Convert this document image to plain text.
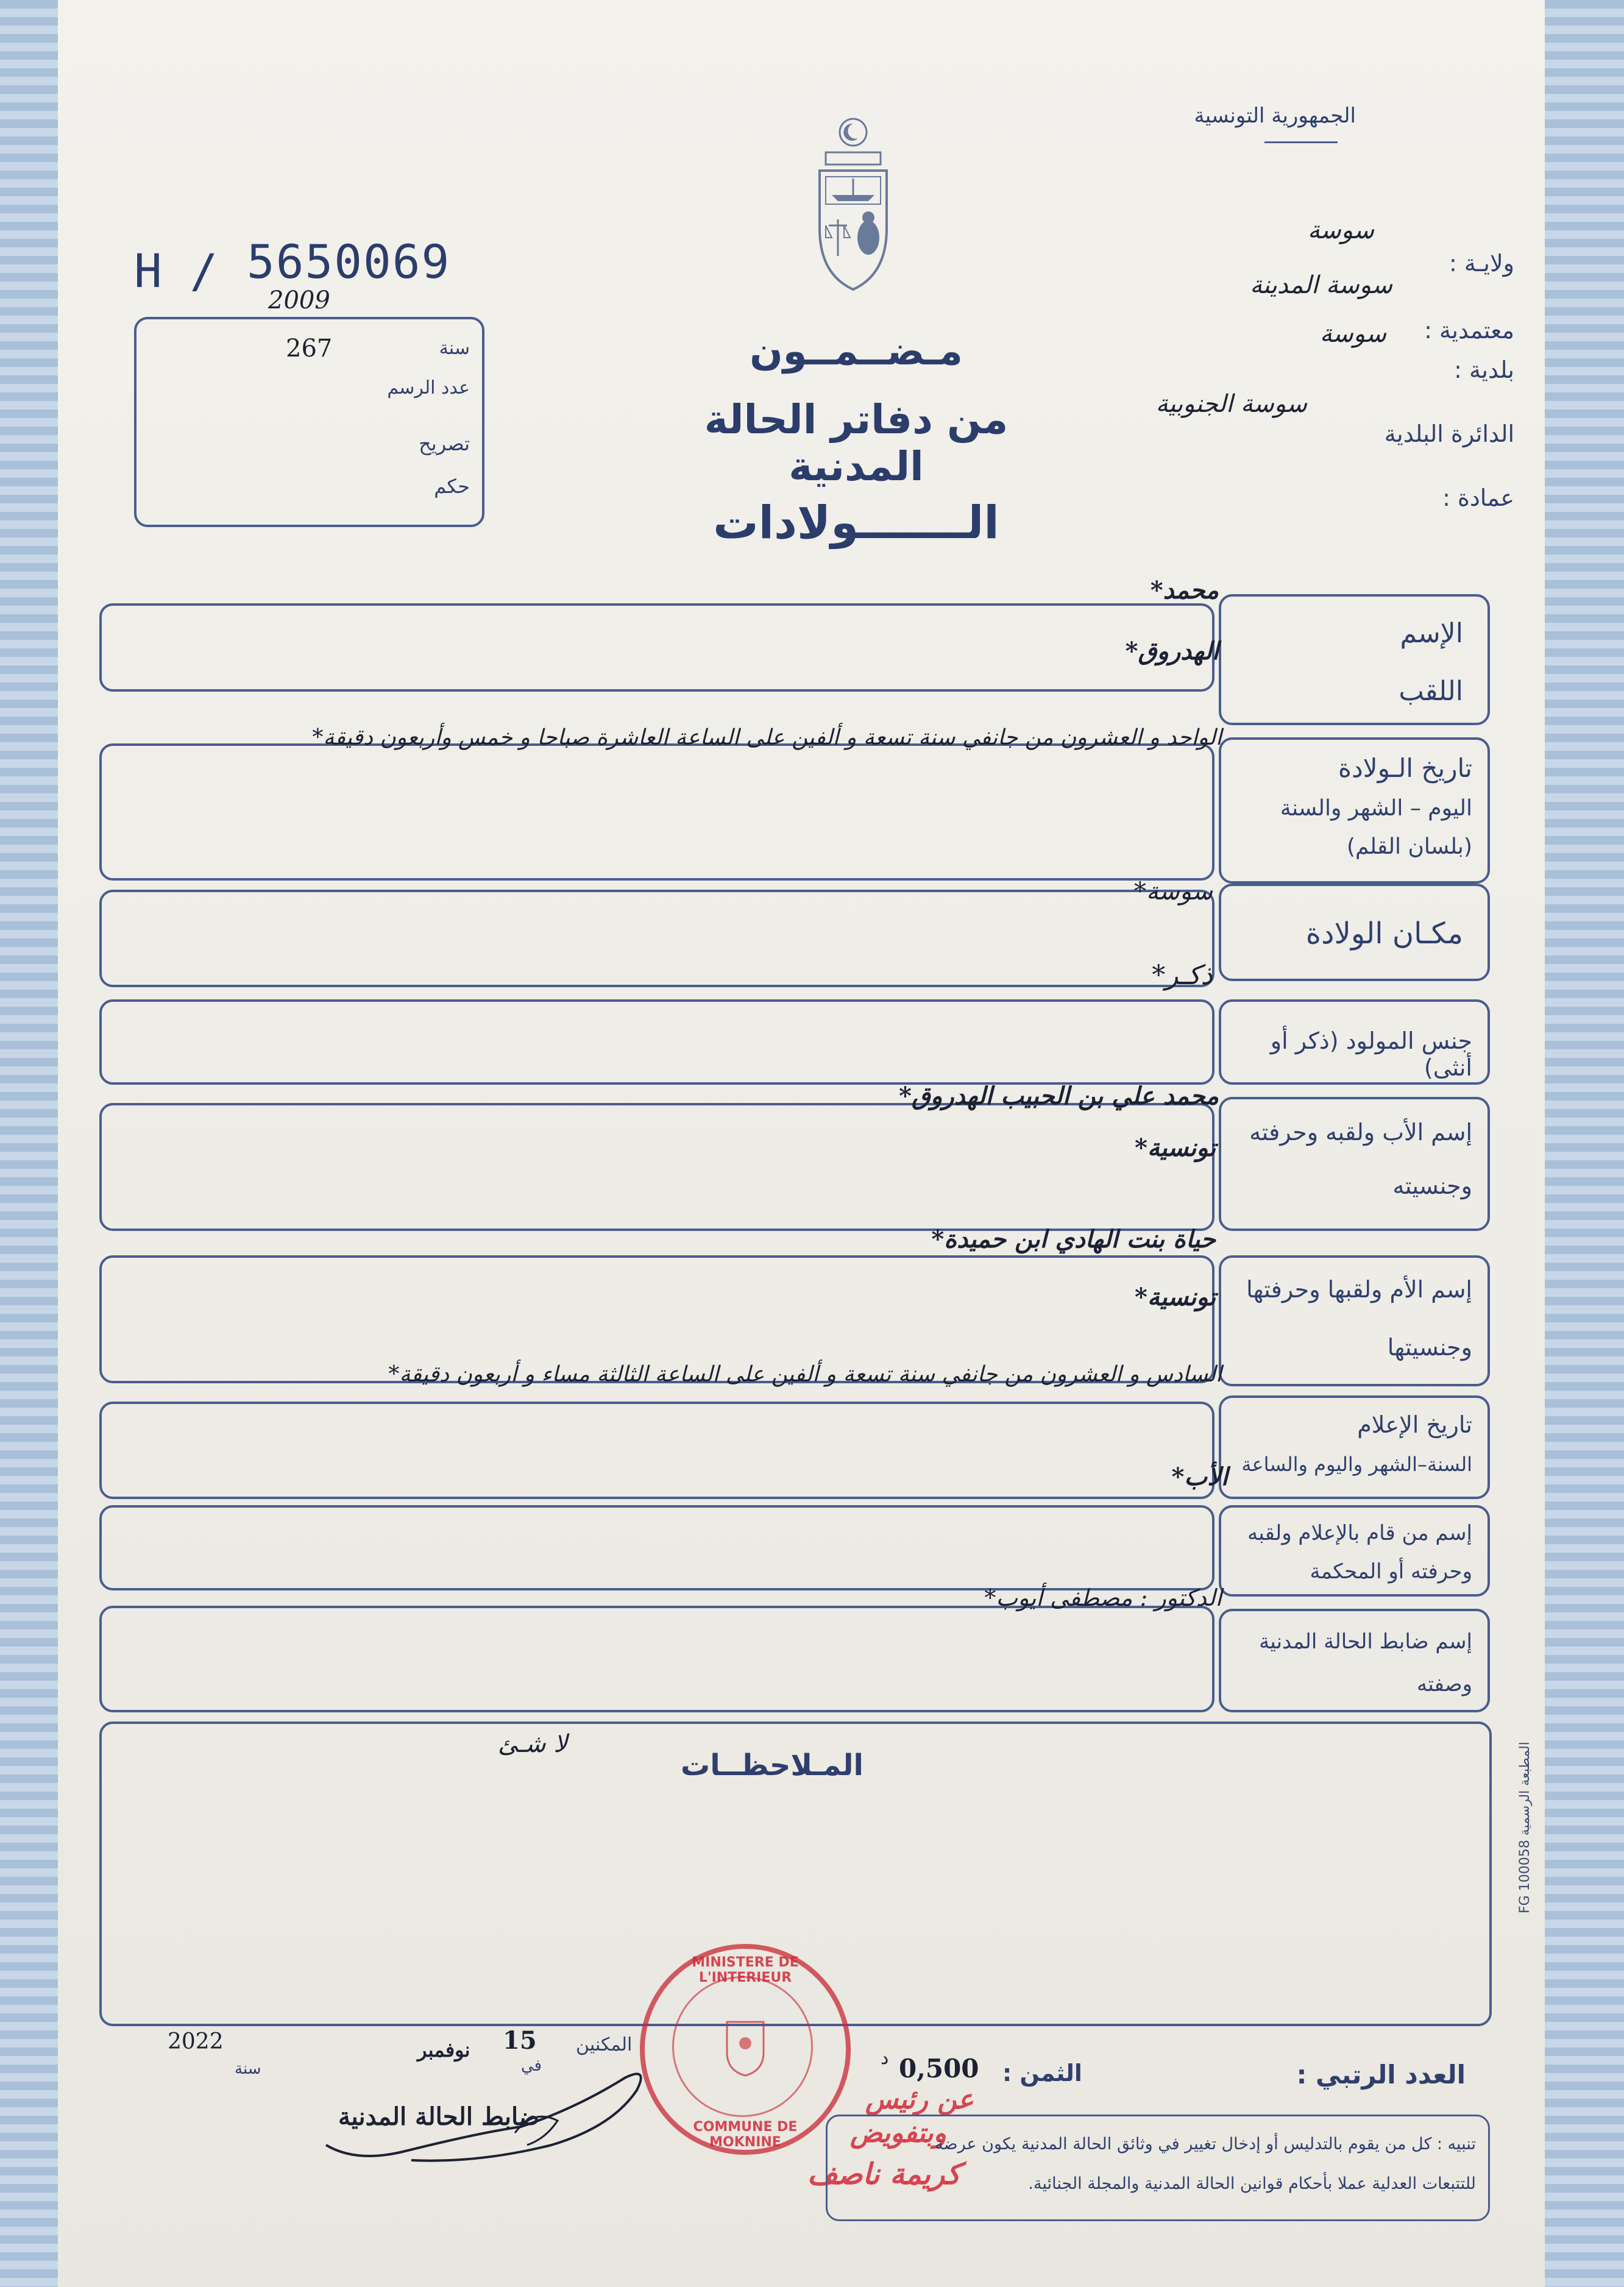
الجمهورية التونسية
ولايـة :
سوسة
معتمدية :
سوسة المدينة
بلدية :
سوسة
الدائرة البلدية
سوسة الجنوبية
عمادة :
H / 5650069
2009
سنة
267
عدد الرسم
تصريح
حكم
مـضــمــون
من دفاتر الحالة المدنية
الـــــــولادات
الإسم
اللقب
محمد*
الهدروق*
تاريخ الـولادة
اليوم – الشهر والسنة
(بلسان القلم)
الواحد و العشرون من جانفي سنة تسعة و ألفين على الساعة العاشرة صباحا و خمس وأربعون دقيقة*
مكـان الولادة
سوسة*
جنس المولود (ذكر أو أنثى)
ذكـر*
إسم الأب ولقبه وحرفته
وجنسيته
محمد علي بن الحبيب الهدروق*
تونسية*
إسم الأم ولقبها وحرفتها
وجنسيتها
حياة بنت الهادي ابن حميدة*
تونسية*
تاريخ الإعلام
السنة–الشهر واليوم والساعة
السادس و العشرون من جانفي سنة تسعة و ألفين على الساعة الثالثة مساء و أربعون دقيقة*
إسم من قام بالإعلام ولقبه
وحرفته أو المحكمة
الأب*
إسم ضابط الحالة المدنية
وصفته
الدكتور : مصطفى أيوب*
المـلاحظــات
لا شـئ
المطبعة الرسمية 100058 FG
العدد الرتبي :
الثمن :
0,500
د
المكنين
في
15
نوفمبر
2022
سنة
ضابط الحالة المدنية
MINISTERE DE L'INTERIEUR
COMMUNE DE MOKNINE
عن رئيس
وبتفويض
كريمة ناصف
تنبيه : كل من يقوم بالتدليس أو إدخال تغيير في وثائق الحالة المدنية يكون عرضة
للتتبعات العدلية عملا بأحكام قوانين الحالة المدنية والمجلة الجنائية.
